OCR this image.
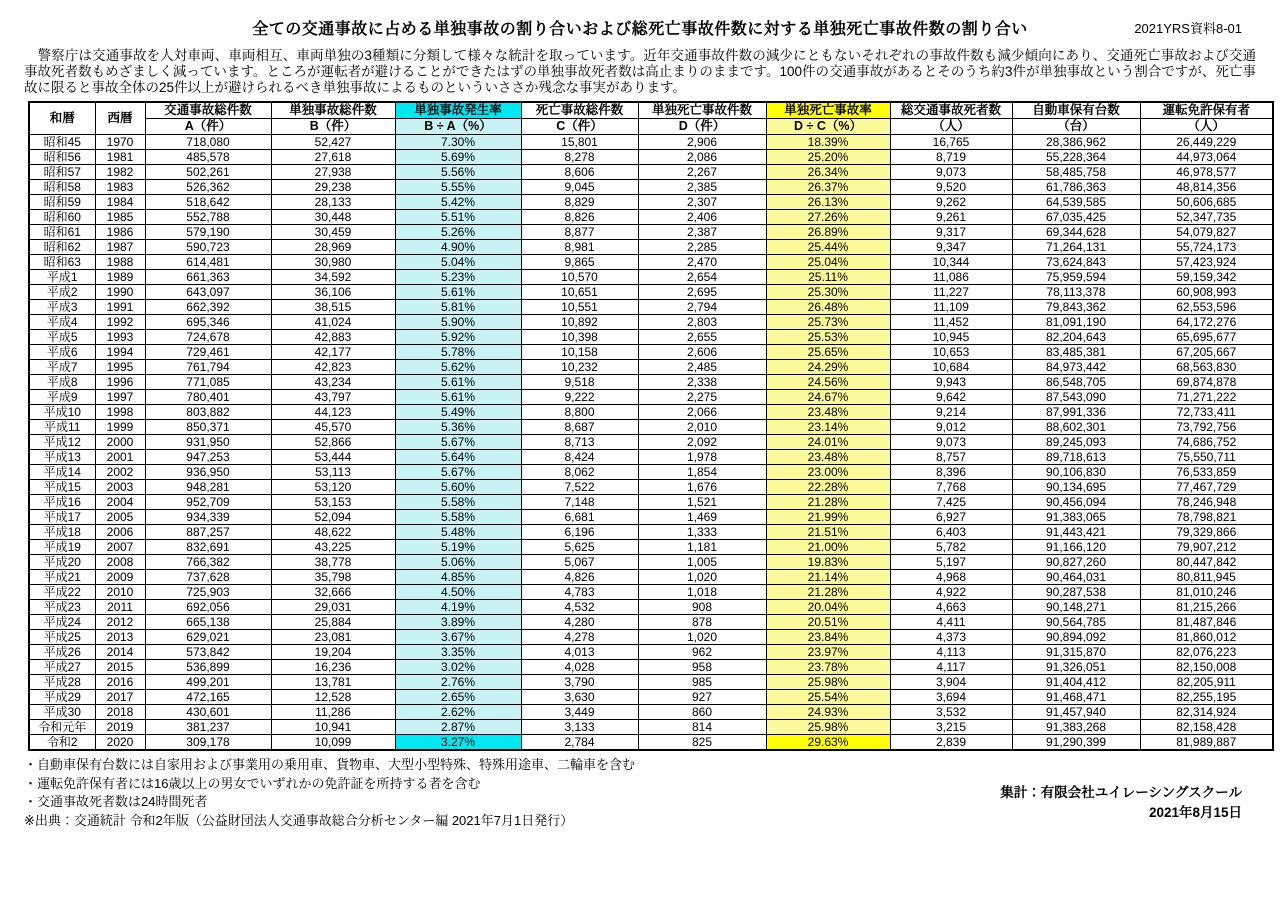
全ての交通事故に占める単独事故の割り合いおよび総死亡事故件数に対する単独死亡事故件数の割り合い	2021YRS資料8-01
　警察庁は交通事故を人対車両、車両相互、車両単独の3種類に分類して様々な統計を取っています。近年交通事故件数の減少にともないそれぞれの事故件数も減少傾向にあり、交通死亡事故および交通事故死者数もめざましく減っています。ところが運転者が避けることができたはずの単独事故死者数は高止まりのままです。100件の交通事故があるとそのうち約3件が単独事故という割合ですが、死亡事故に限ると事故全体の25件以上が避けられるべき単独事故によるものといういささか残念な事実があります。
和暦	西暦	交通事故総件数	単独事故総件数	単独事故発生率	死亡事故総件数	単独死亡事故件数	単独死亡事故率	総交通事故死者数	自動車保有台数	運転免許保有者
		A（件）	B（件）	B ÷ A（%）	C（件）	D（件）	D ÷ C（%）	（人）	（台）	（人）
昭和45	1970	718,080	52,427	7.30%	15,801	2,906	18.39%	16,765	28,386,962	26,449,229
昭和56	1981	485,578	27,618	5.69%	8,278	2,086	25.20%	8,719	55,228,364	44,973,064
昭和57	1982	502,261	27,938	5.56%	8,606	2,267	26.34%	9,073	58,485,758	46,978,577
昭和58	1983	526,362	29,238	5.55%	9,045	2,385	26.37%	9,520	61,786,363	48,814,356
昭和59	1984	518,642	28,133	5.42%	8,829	2,307	26.13%	9,262	64,539,585	50,606,685
昭和60	1985	552,788	30,448	5.51%	8,826	2,406	27.26%	9,261	67,035,425	52,347,735
昭和61	1986	579,190	30,459	5.26%	8,877	2,387	26.89%	9,317	69,344,628	54,079,827
昭和62	1987	590,723	28,969	4.90%	8,981	2,285	25.44%	9,347	71,264,131	55,724,173
昭和63	1988	614,481	30,980	5.04%	9,865	2,470	25.04%	10,344	73,624,843	57,423,924
平成1	1989	661,363	34,592	5.23%	10,570	2,654	25.11%	11,086	75,959,594	59,159,342
平成2	1990	643,097	36,106	5.61%	10,651	2,695	25.30%	11,227	78,113,378	60,908,993
平成3	1991	662,392	38,515	5.81%	10,551	2,794	26.48%	11,109	79,843,362	62,553,596
平成4	1992	695,346	41,024	5.90%	10,892	2,803	25.73%	11,452	81,091,190	64,172,276
平成5	1993	724,678	42,883	5.92%	10,398	2,655	25.53%	10,945	82,204,643	65,695,677
平成6	1994	729,461	42,177	5.78%	10,158	2,606	25.65%	10,653	83,485,381	67,205,667
平成7	1995	761,794	42,823	5.62%	10,232	2,485	24.29%	10,684	84,973,442	68,563,830
平成8	1996	771,085	43,234	5.61%	9,518	2,338	24.56%	9,943	86,548,705	69,874,878
平成9	1997	780,401	43,797	5.61%	9,222	2,275	24.67%	9,642	87,543,090	71,271,222
平成10	1998	803,882	44,123	5.49%	8,800	2,066	23.48%	9,214	87,991,336	72,733,411
平成11	1999	850,371	45,570	5.36%	8,687	2,010	23.14%	9,012	88,602,301	73,792,756
平成12	2000	931,950	52,866	5.67%	8,713	2,092	24.01%	9,073	89,245,093	74,686,752
平成13	2001	947,253	53,444	5.64%	8,424	1,978	23.48%	8,757	89,718,613	75,550,711
平成14	2002	936,950	53,113	5.67%	8,062	1,854	23.00%	8,396	90,106,830	76,533,859
平成15	2003	948,281	53,120	5.60%	7,522	1,676	22.28%	7,768	90,134,695	77,467,729
平成16	2004	952,709	53,153	5.58%	7,148	1,521	21.28%	7,425	90,456,094	78,246,948
平成17	2005	934,339	52,094	5.58%	6,681	1,469	21.99%	6,927	91,383,065	78,798,821
平成18	2006	887,257	48,622	5.48%	6,196	1,333	21.51%	6,403	91,443,421	79,329,866
平成19	2007	832,691	43,225	5.19%	5,625	1,181	21.00%	5,782	91,166,120	79,907,212
平成20	2008	766,382	38,778	5.06%	5,067	1,005	19.83%	5,197	90,827,260	80,447,842
平成21	2009	737,628	35,798	4.85%	4,826	1,020	21.14%	4,968	90,464,031	80,811,945
平成22	2010	725,903	32,666	4.50%	4,783	1,018	21.28%	4,922	90,287,538	81,010,246
平成23	2011	692,056	29,031	4.19%	4,532	908	20.04%	4,663	90,148,271	81,215,266
平成24	2012	665,138	25,884	3.89%	4,280	878	20.51%	4,411	90,564,785	81,487,846
平成25	2013	629,021	23,081	3.67%	4,278	1,020	23.84%	4,373	90,894,092	81,860,012
平成26	2014	573,842	19,204	3.35%	4,013	962	23.97%	4,113	91,315,870	82,076,223
平成27	2015	536,899	16,236	3.02%	4,028	958	23.78%	4,117	91,326,051	82,150,008
平成28	2016	499,201	13,781	2.76%	3,790	985	25.98%	3,904	91,404,412	82,205,911
平成29	2017	472,165	12,528	2.65%	3,630	927	25.54%	3,694	91,468,471	82,255,195
平成30	2018	430,601	11,286	2.62%	3,449	860	24.93%	3,532	91,457,940	82,314,924
令和元年	2019	381,237	10,941	2.87%	3,133	814	25.98%	3,215	91,383,268	82,158,428
令和2	2020	309,178	10,099	3.27%	2,784	825	29.63%	2,839	91,290,399	81,989,887
・自動車保有台数には自家用および事業用の乗用車、貨物車、大型小型特殊、特殊用途車、二輪車を含む
・運転免許保有者には16歳以上の男女でいずれかの免許証を所持する者を含む
・交通事故死者数は24時間死者
※出典：交通統計 令和2年版（公益財団法人交通事故総合分析センター編 2021年7月1日発行）
集計：有限会社ユイレーシングスクール
2021年8月15日
